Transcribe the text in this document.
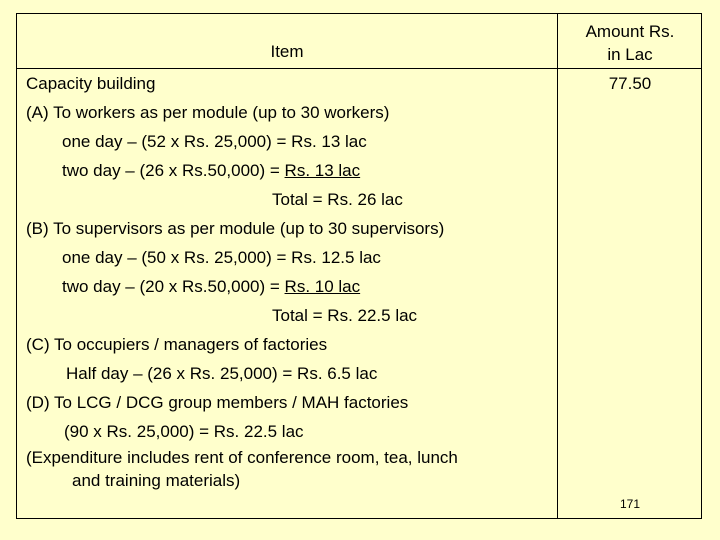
Item
Amount Rs.
in Lac
Capacity building
(A) To workers as per module (up to 30 workers)
one day – (52 x Rs. 25,000) = Rs. 13 lac
two day – (26 x Rs.50,000) = Rs. 13 lac
Total = Rs. 26 lac
(B) To supervisors as per module (up to 30 supervisors)
one day – (50 x Rs. 25,000) = Rs. 12.5 lac
two day – (20 x Rs.50,000) = Rs. 10 lac
Total = Rs. 22.5 lac
(C) To occupiers / managers of factories
Half day – (26 x Rs. 25,000) = Rs. 6.5 lac
(D) To LCG / DCG group members / MAH factories
(90 x Rs. 25,000) = Rs. 22.5 lac
(Expenditure includes rent of conference room, tea, lunch
and training materials)
77.50
171
